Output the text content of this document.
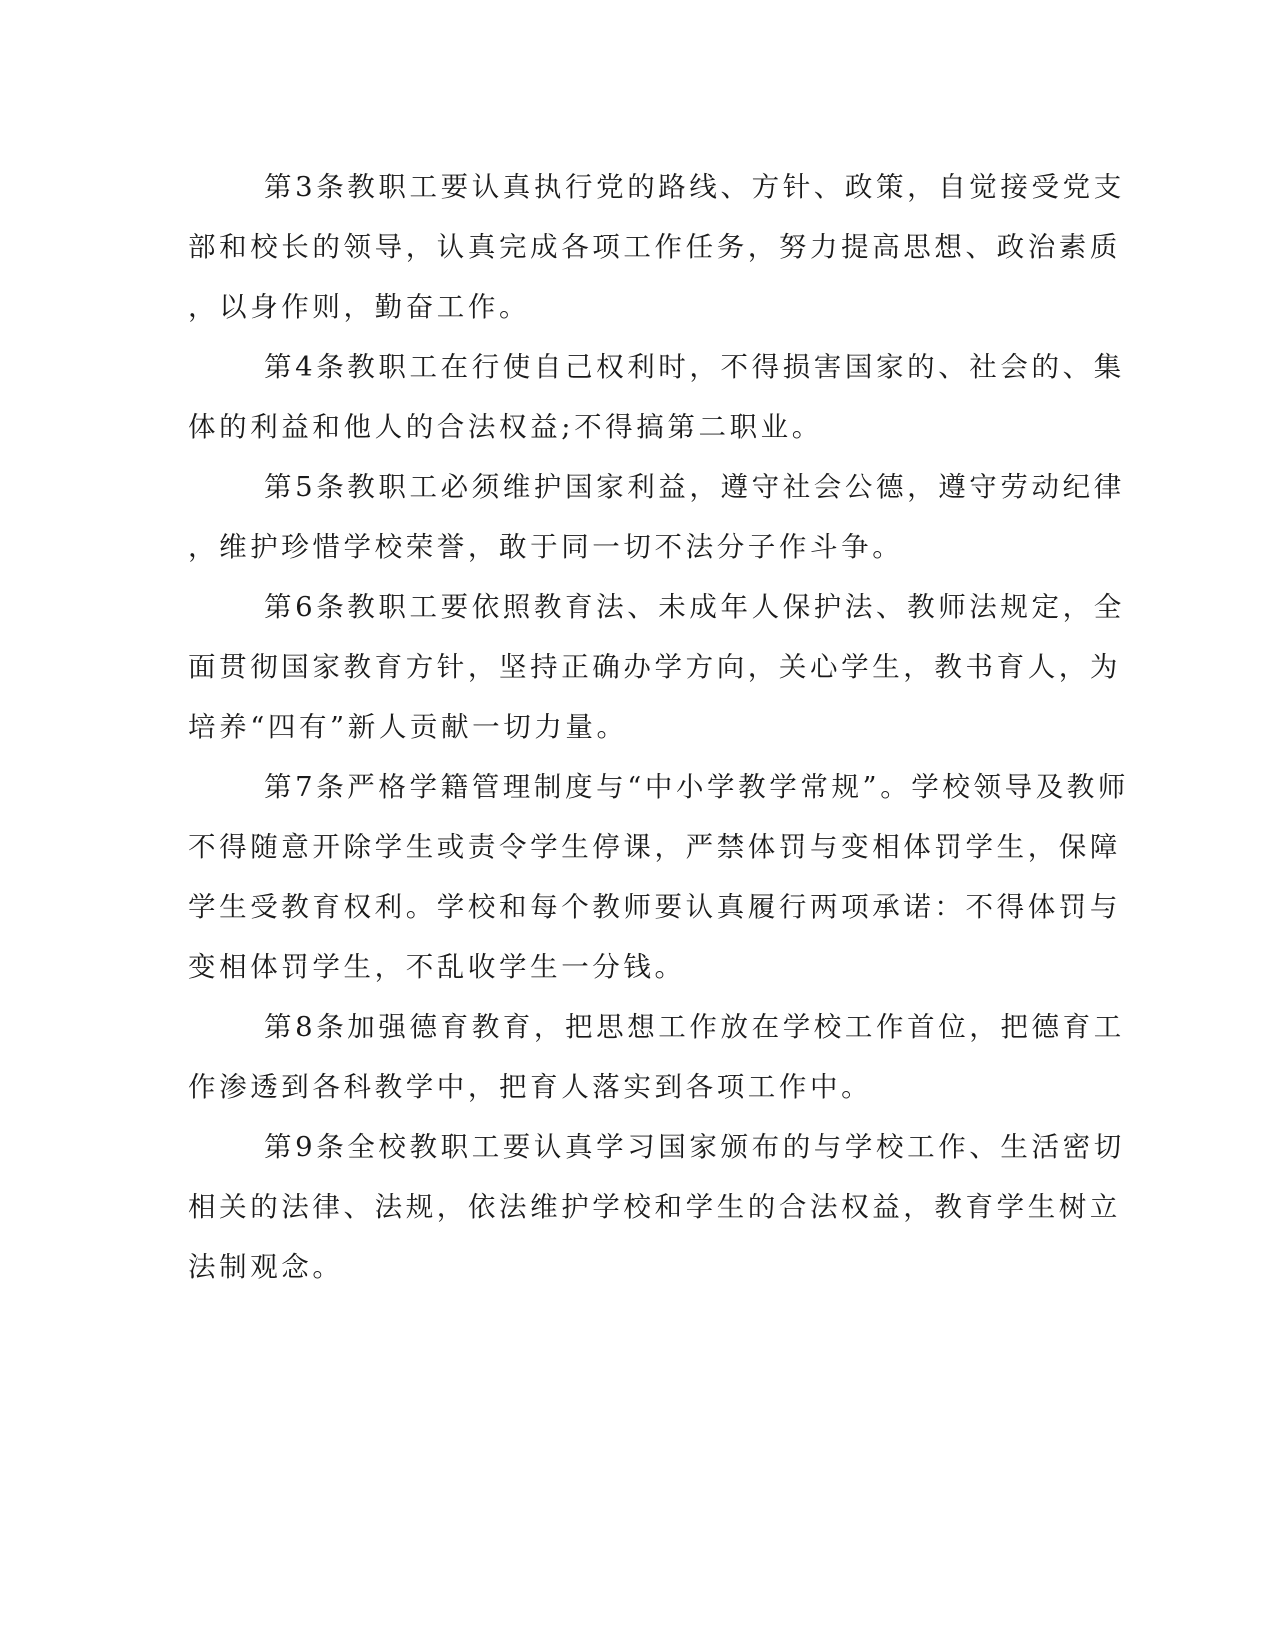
第3条教职工要认真执行党的路线、方针、政策，自觉接受党支
部和校长的领导，认真完成各项工作任务，努力提高思想、政治素质
，以身作则，勤奋工作。
第4条教职工在行使自己权利时，不得损害国家的、社会的、集
体的利益和他人的合法权益;不得搞第二职业。
第5条教职工必须维护国家利益，遵守社会公德，遵守劳动纪律
，维护珍惜学校荣誉，敢于同一切不法分子作斗争。
第6条教职工要依照教育法、未成年人保护法、教师法规定，全
面贯彻国家教育方针，坚持正确办学方向，关心学生，教书育人，为
培养“四有”新人贡献一切力量。
第7条严格学籍管理制度与“中小学教学常规”。学校领导及教师
不得随意开除学生或责令学生停课，严禁体罚与变相体罚学生，保障
学生受教育权利。学校和每个教师要认真履行两项承诺：不得体罚与
变相体罚学生，不乱收学生一分钱。
第8条加强德育教育，把思想工作放在学校工作首位，把德育工
作渗透到各科教学中，把育人落实到各项工作中。
第9条全校教职工要认真学习国家颁布的与学校工作、生活密切
相关的法律、法规，依法维护学校和学生的合法权益，教育学生树立
法制观念。
